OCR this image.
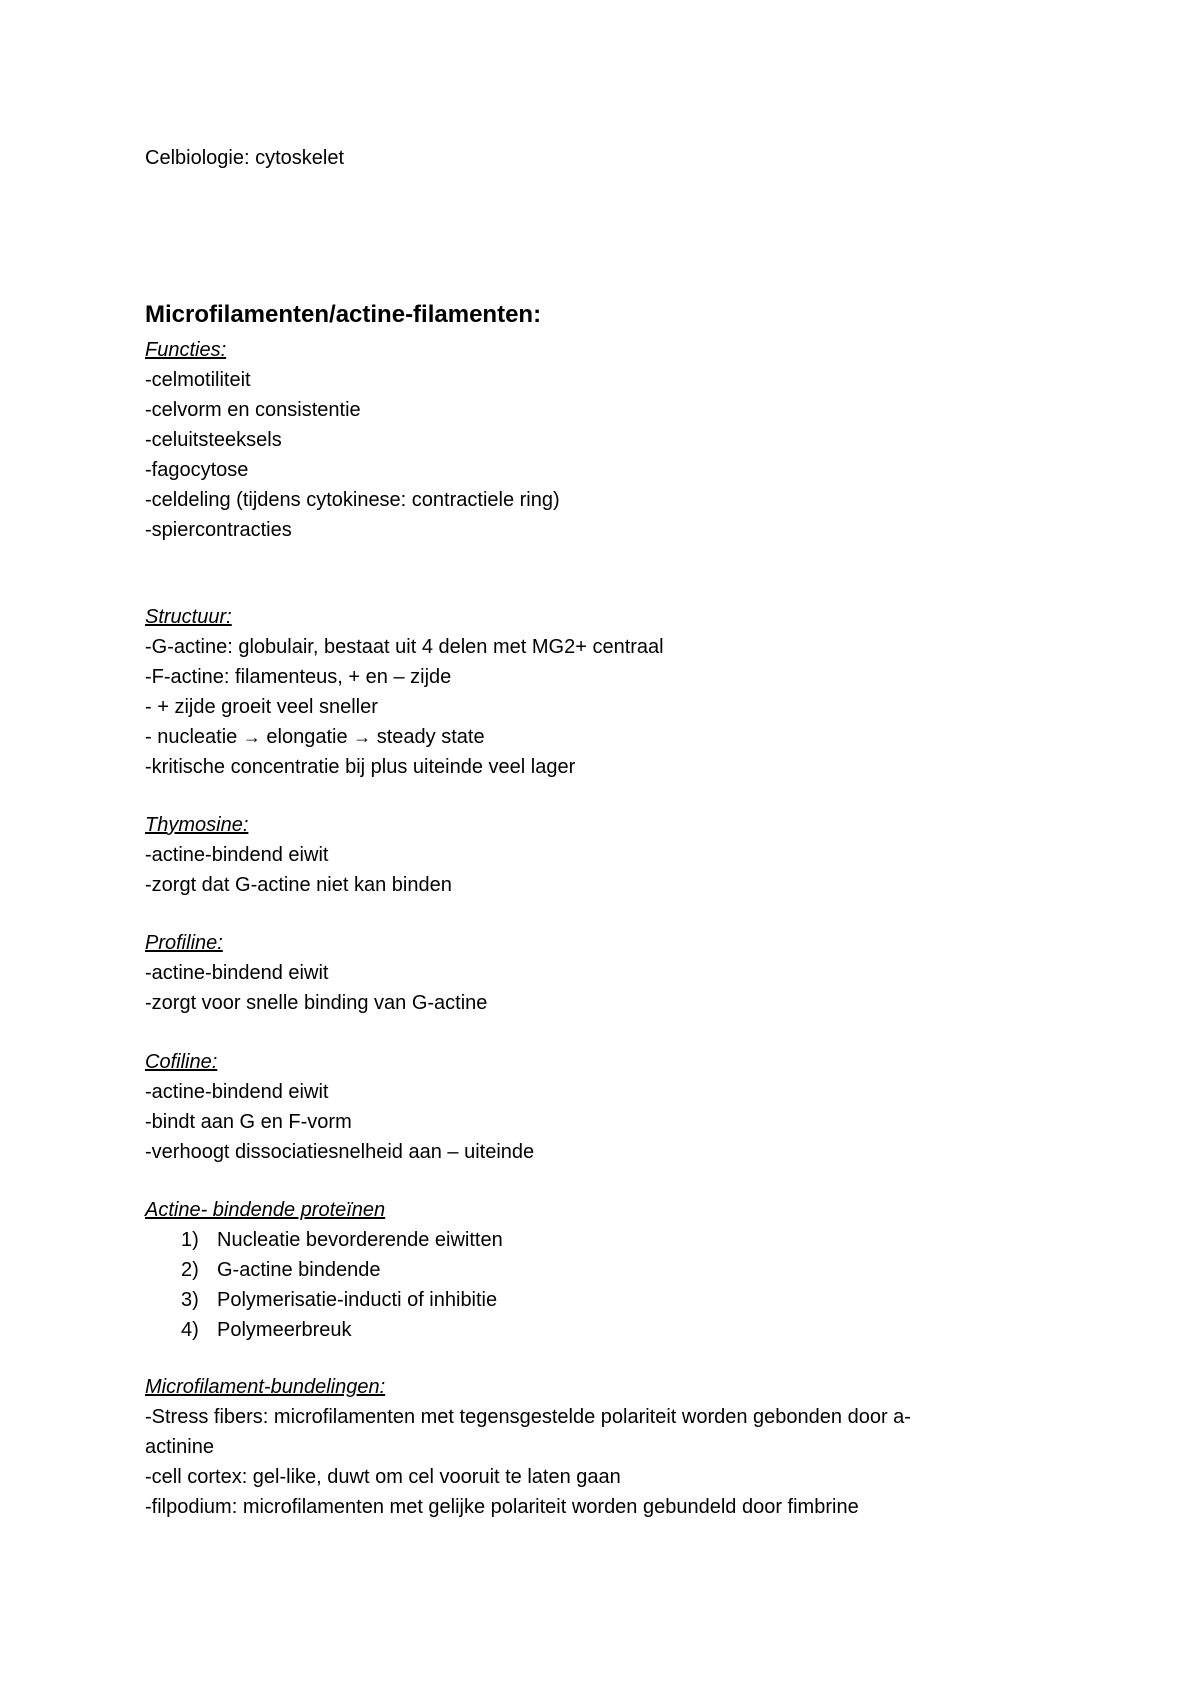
Celbiologie: cytoskelet
Microfilamenten/actine-filamenten:
Functies:
-celmotiliteit
-celvorm en consistentie
-celuitsteeksels
-fagocytose
-celdeling (tijdens cytokinese: contractiele ring)
-spiercontracties
Structuur:
-G-actine: globulair, bestaat uit 4 delen met MG2+ centraal
-F-actine: filamenteus, + en – zijde
- + zijde groeit veel sneller
- nucleatie → elongatie → steady state
-kritische concentratie bij plus uiteinde veel lager
Thymosine:
-actine-bindend eiwit
-zorgt dat G-actine niet kan binden
Profiline:
-actine-bindend eiwit
-zorgt voor snelle binding van G-actine
Cofiline:
-actine-bindend eiwit
-bindt aan G en F-vorm
-verhoogt dissociatiesnelheid aan – uiteinde
Actine- bindende proteïnen
1) Nucleatie bevorderende eiwitten
2) G-actine bindende
3) Polymerisatie-inducti of inhibitie
4) Polymeerbreuk
Microfilament-bundelingen:
-Stress fibers: microfilamenten met tegensgestelde polariteit worden gebonden door a-
actinine
-cell cortex: gel-like, duwt om cel vooruit te laten gaan
-filpodium: microfilamenten met gelijke polariteit worden gebundeld door fimbrine
